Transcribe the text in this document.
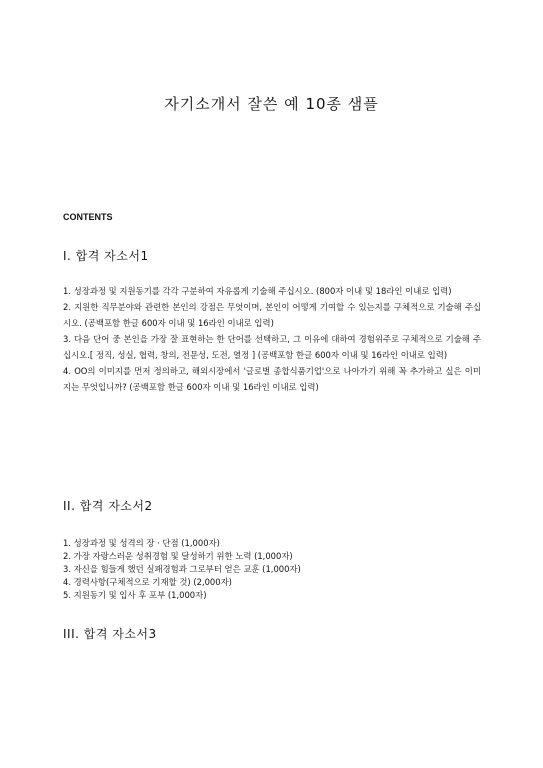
자기소개서 잘쓴 예 10종 샘플
CONTENTS
I. 합격 자소서1

1. 성장과정 및 지원동기를 각각 구분하여 자유롭게 기술해 주십시오. (800자 이내 및 18라인 이내로 입력)

2. 지원한 직무분야와 관련한 본인의 강점은 무엇이며, 본인이 어떻게 기여할 수 있는지를 구체적으로 기술해 주십시오. (공백포함 한글 600자 이내 및 16라인 이내로 입력)

3. 다음 단어 중 본인을 가장 잘 표현하는 한 단어를 선택하고, 그 이유에 대하여 경험위주로 구체적으로 기술해 주십시오.[ 정직, 성실, 협력, 창의, 전문성, 도전, 열정 ] (공백포함 한글 600자 이내 및 16라인 이내로 입력)

4. OO의 이미지를 먼저 정의하고, 해외시장에서 '글로벌 종합식품기업'으로 나아가기 위해 꼭 추가하고 싶은 이미지는 무엇입니까? (공백포함 한글 600자 이내 및 16라인 이내로 입력)

II. 합격 자소서2

1. 성장과정 및 성격의 장 · 단점 (1,000자)

2. 가장 자랑스러운 성취경험 및 달성하기 위한 노력 (1,000자)

3. 자신을 힘들게 했던 실패경험과 그로부터 얻은 교훈 (1,000자)

4. 경력사항(구체적으로 기재할 것) (2,000자)

5. 지원동기 및 입사 후 포부 (1,000자)

III. 합격 자소서3
